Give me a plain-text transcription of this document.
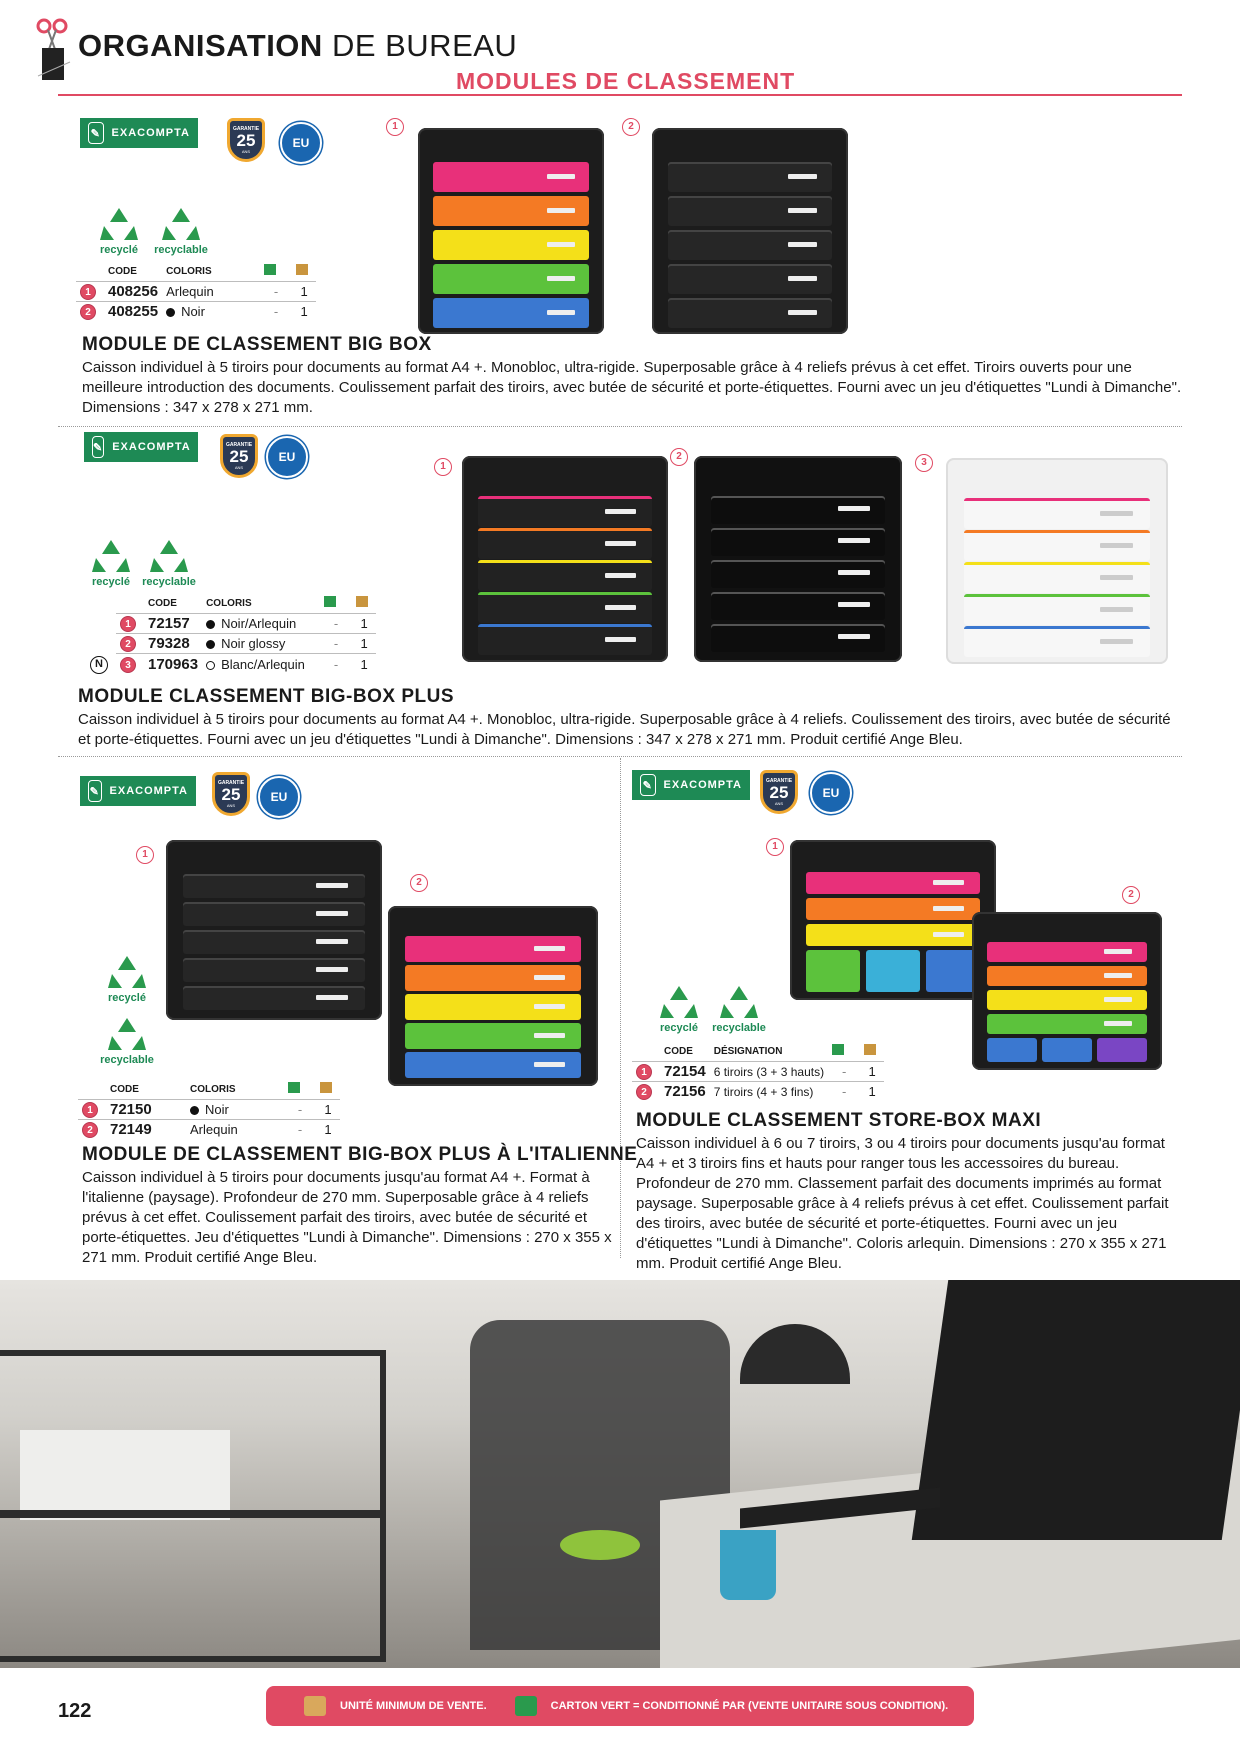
ORGANISATION DE BUREAU
MODULES DE CLASSEMENT
✎ EXACOMPTA	GARANTIE
25
ANS
EU
50%
recyclé
100%
recyclable
	CODE	COLORIS		
1	408256	Arlequin	-	1
2	408255	Noir	-	1
1	2
MODULE DE CLASSEMENT BIG BOX
Caisson individuel à 5 tiroirs pour documents au format A4 +. Monobloc, ultra-rigide. Superposable grâce à 4 reliefs prévus à cet effet. Tiroirs ouverts pour une meilleure introduction des documents. Coulissement parfait des tiroirs, avec butée de sécurité et porte-étiquettes. Fourni avec un jeu d'étiquettes "Lundi à Dimanche". Dimensions : 347 x 278 x 271 mm.
✎ EXACOMPTA	GARANTIE
25
ANS
EU
90%
recyclé
100%
recyclable
		CODE	COLORIS		
	1	72157	Noir/Arlequin	-	1
	2	79328	Noir glossy	-	1
N	3	170963	Blanc/Arlequin	-	1
1
2
3
MODULE CLASSEMENT BIG-BOX PLUS
Caisson individuel à 5 tiroirs pour documents au format A4 +. Monobloc, ultra-rigide. Superposable grâce à 4 reliefs. Coulissement des tiroirs, avec butée de sécurité et porte-étiquettes. Fourni avec un jeu d'étiquettes "Lundi à Dimanche". Dimensions : 347 x 278 x 271 mm. Produit certifié Ange Bleu.
✎ EXACOMPTA
GARANTIE
25
ANS
EU
90%
recyclé
100%
recyclable
	CODE	COLORIS		
1	72150	Noir	-	1
2	72149	Arlequin	-	1
1
2
MODULE DE CLASSEMENT BIG-BOX PLUS À L'ITALIENNE
Caisson individuel à 5 tiroirs pour documents jusqu'au format A4 +. Format à l'italienne (paysage). Profondeur de 270 mm. Superposable grâce à 4 reliefs prévus à cet effet. Coulissement parfait des tiroirs, avec butée de sécurité et porte-étiquettes. Jeu d'étiquettes "Lundi à Dimanche". Dimensions : 270 x 355 x 271 mm. Produit certifié Ange Bleu.
✎ EXACOMPTA	GARANTIE
25
ANS
EU
90%
recyclé
100%
recyclable
	CODE	DÉSIGNATION		
1	72154	6 tiroirs (3 + 3 hauts)	-	1
2	72156	7 tiroirs (4 + 3 fins)	-	1
1
2
MODULE CLASSEMENT STORE-BOX MAXI
Caisson individuel à 6 ou 7 tiroirs, 3 ou 4 tiroirs pour documents jusqu'au format A4 + et 3 tiroirs fins et hauts pour ranger tous les accessoires du bureau. Profondeur de 270 mm. Classement parfait des documents imprimés au format paysage. Superposable grâce à 4 reliefs prévus à cet effet. Coulissement parfait des tiroirs, avec butée de sécurité et porte-étiquettes. Fourni avec un jeu d'étiquettes "Lundi à Dimanche". Coloris arlequin. Dimensions : 270 x 355 x 271 mm. Produit certifié Ange Bleu.
122	UNITÉ MINIMUM DE VENTE.	CARTON VERT = CONDITIONNÉ PAR (VENTE UNITAIRE SOUS CONDITION).
